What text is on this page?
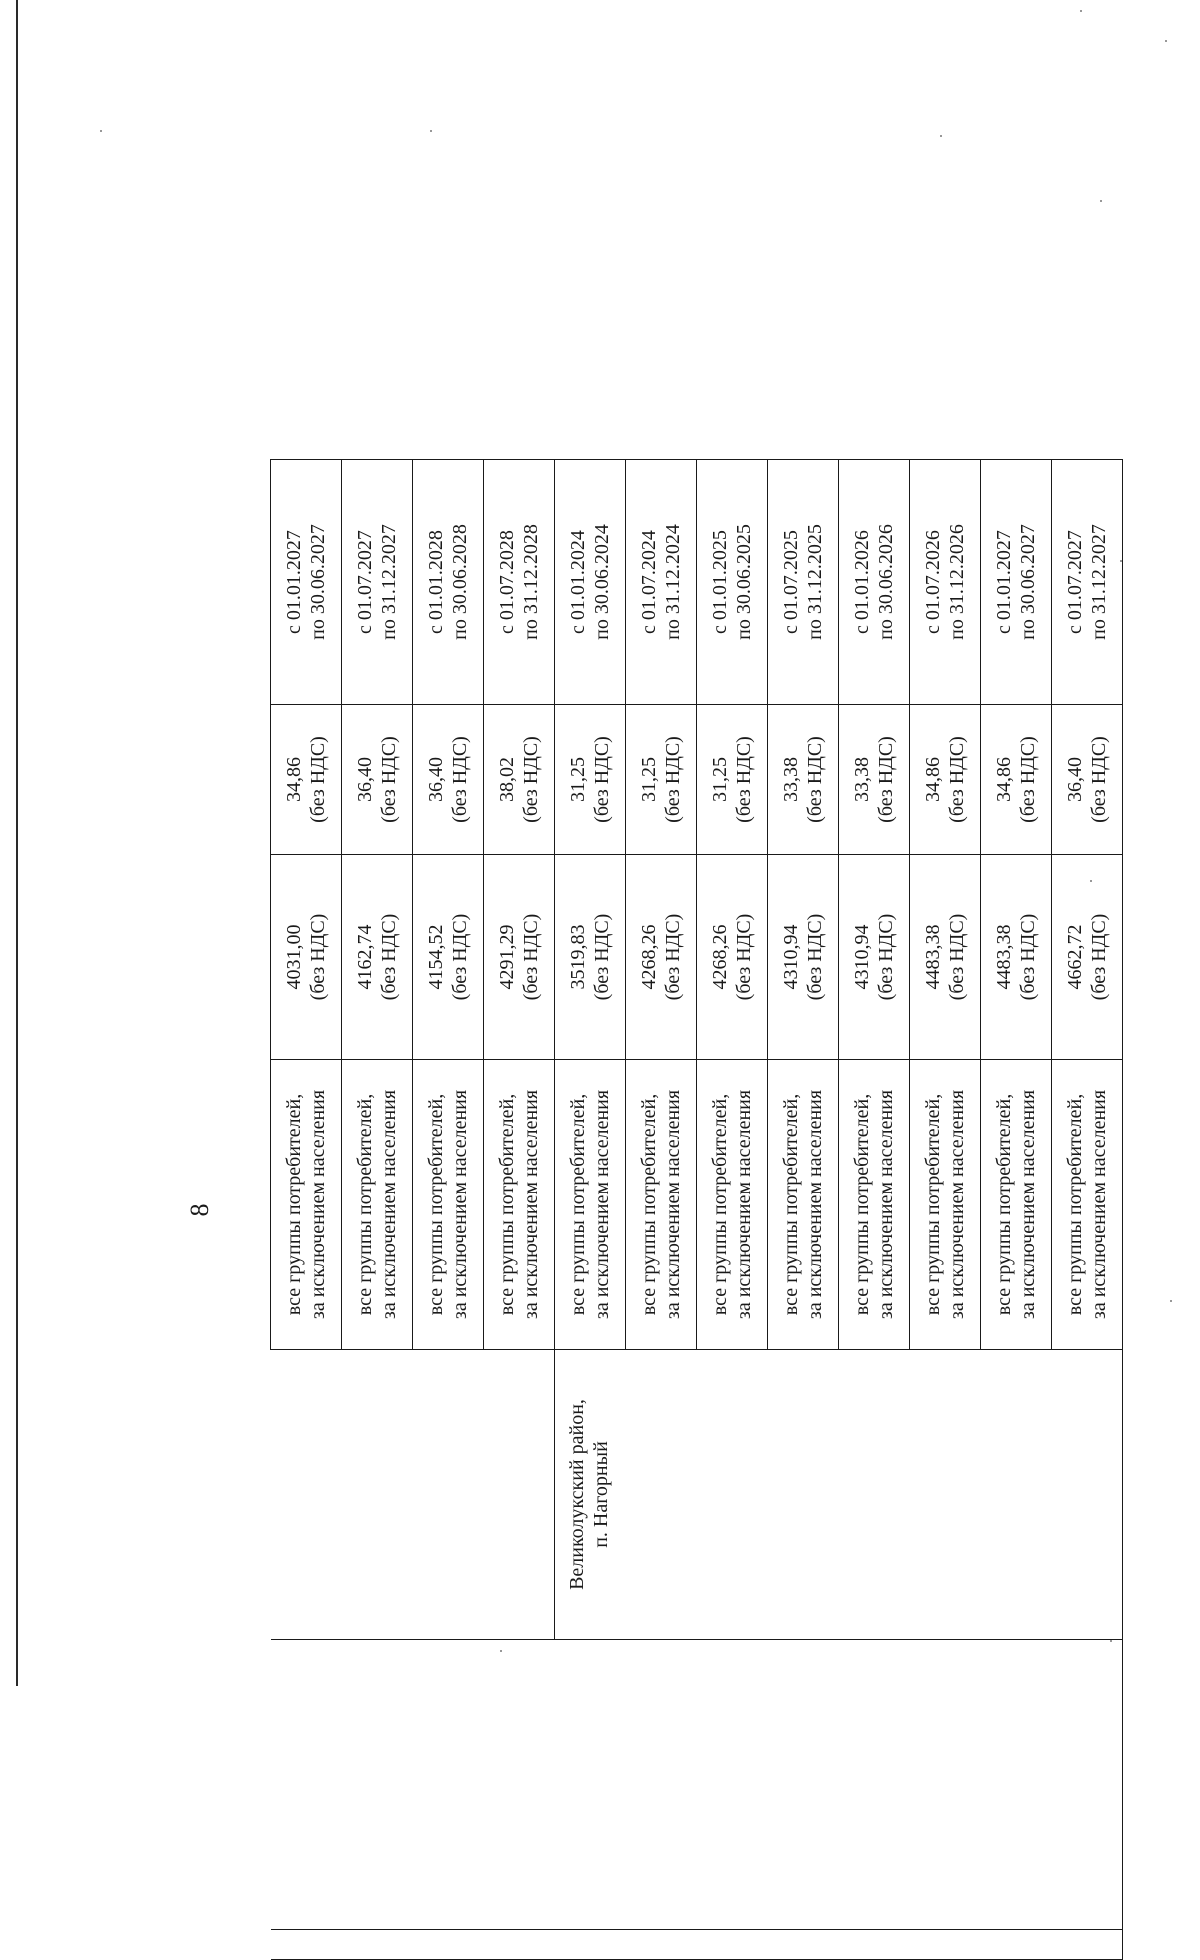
8

			все группы потребителей, за исключением населения	4031,00 (без НДС)	34,86 (без НДС)	с 01.01.2027 по 30.06.2027

			все группы потребителей, за исключением населения	4162,74 (без НДС)	36,40 (без НДС)	с 01.07.2027 по 31.12.2027

			все группы потребителей, за исключением населения	4154,52 (без НДС)	36,40 (без НДС)	с 01.01.2028 по 30.06.2028

			все группы потребителей, за исключением населения	4291,29 (без НДС)	38,02 (без НДС)	с 01.07.2028 по 31.12.2028

		Великолукский район, п. Нагорный	все группы потребителей, за исключением населения	3519,83 (без НДС)	31,25 (без НДС)	с 01.01.2024 по 30.06.2024

			все группы потребителей, за исключением населения	4268,26 (без НДС)	31,25 (без НДС)	с 01.07.2024 по 31.12.2024

			все группы потребителей, за исключением населения	4268,26 (без НДС)	31,25 (без НДС)	с 01.01.2025 по 30.06.2025

			все группы потребителей, за исключением населения	4310,94 (без НДС)	33,38 (без НДС)	с 01.07.2025 по 31.12.2025

			все группы потребителей, за исключением населения	4310,94 (без НДС)	33,38 (без НДС)	с 01.01.2026 по 30.06.2026

			все группы потребителей, за исключением населения	4483,38 (без НДС)	34,86 (без НДС)	с 01.07.2026 по 31.12.2026

			все группы потребителей, за исключением населения	4483,38 (без НДС)	34,86 (без НДС)	с 01.01.2027 по 30.06.2027

			все группы потребителей, за исключением населения	4662,72 (без НДС)	36,40 (без НДС)	с 01.07.2027 по 31.12.2027
